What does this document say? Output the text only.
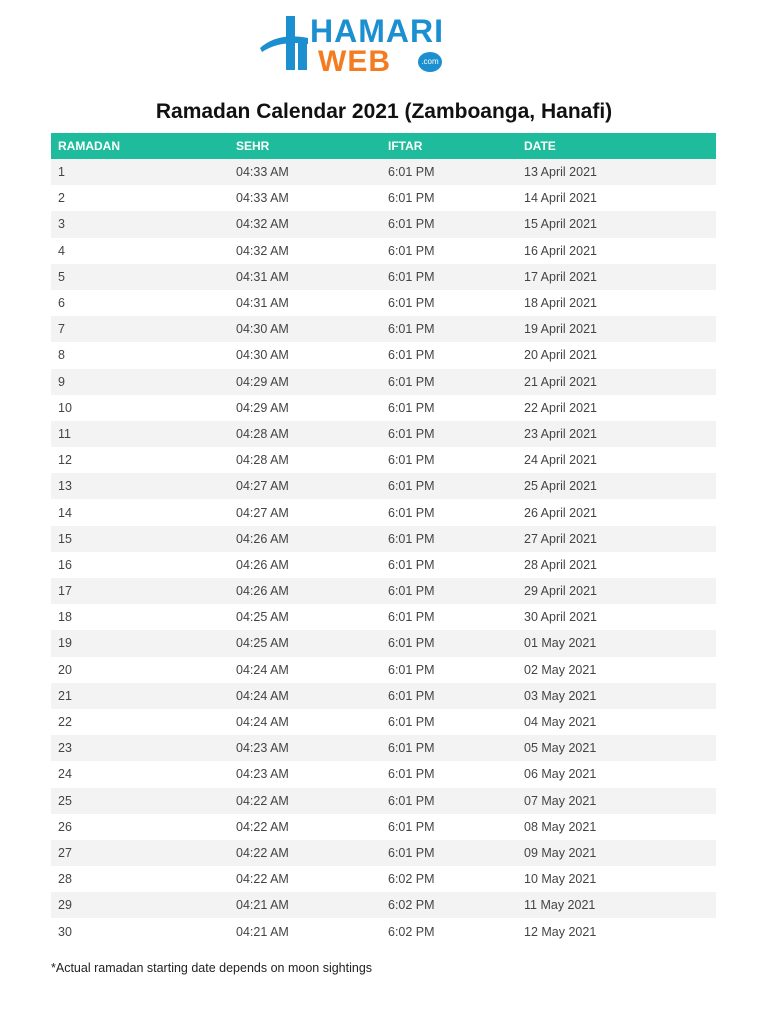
HAMARI
WEB	.com
Ramadan Calendar 2021 (Zamboanga, Hanafi)
RAMADAN	SEHR	IFTAR	DATE
1	04:33 AM	6:01 PM	13 April 2021
2	04:33 AM	6:01 PM	14 April 2021
3	04:32 AM	6:01 PM	15 April 2021
4	04:32 AM	6:01 PM	16 April 2021
5	04:31 AM	6:01 PM	17 April 2021
6	04:31 AM	6:01 PM	18 April 2021
7	04:30 AM	6:01 PM	19 April 2021
8	04:30 AM	6:01 PM	20 April 2021
9	04:29 AM	6:01 PM	21 April 2021
10	04:29 AM	6:01 PM	22 April 2021
11	04:28 AM	6:01 PM	23 April 2021
12	04:28 AM	6:01 PM	24 April 2021
13	04:27 AM	6:01 PM	25 April 2021
14	04:27 AM	6:01 PM	26 April 2021
15	04:26 AM	6:01 PM	27 April 2021
16	04:26 AM	6:01 PM	28 April 2021
17	04:26 AM	6:01 PM	29 April 2021
18	04:25 AM	6:01 PM	30 April 2021
19	04:25 AM	6:01 PM	01 May 2021
20	04:24 AM	6:01 PM	02 May 2021
21	04:24 AM	6:01 PM	03 May 2021
22	04:24 AM	6:01 PM	04 May 2021
23	04:23 AM	6:01 PM	05 May 2021
24	04:23 AM	6:01 PM	06 May 2021
25	04:22 AM	6:01 PM	07 May 2021
26	04:22 AM	6:01 PM	08 May 2021
27	04:22 AM	6:01 PM	09 May 2021
28	04:22 AM	6:02 PM	10 May 2021
29	04:21 AM	6:02 PM	11 May 2021
30	04:21 AM	6:02 PM	12 May 2021
*Actual ramadan starting date depends on moon sightings
